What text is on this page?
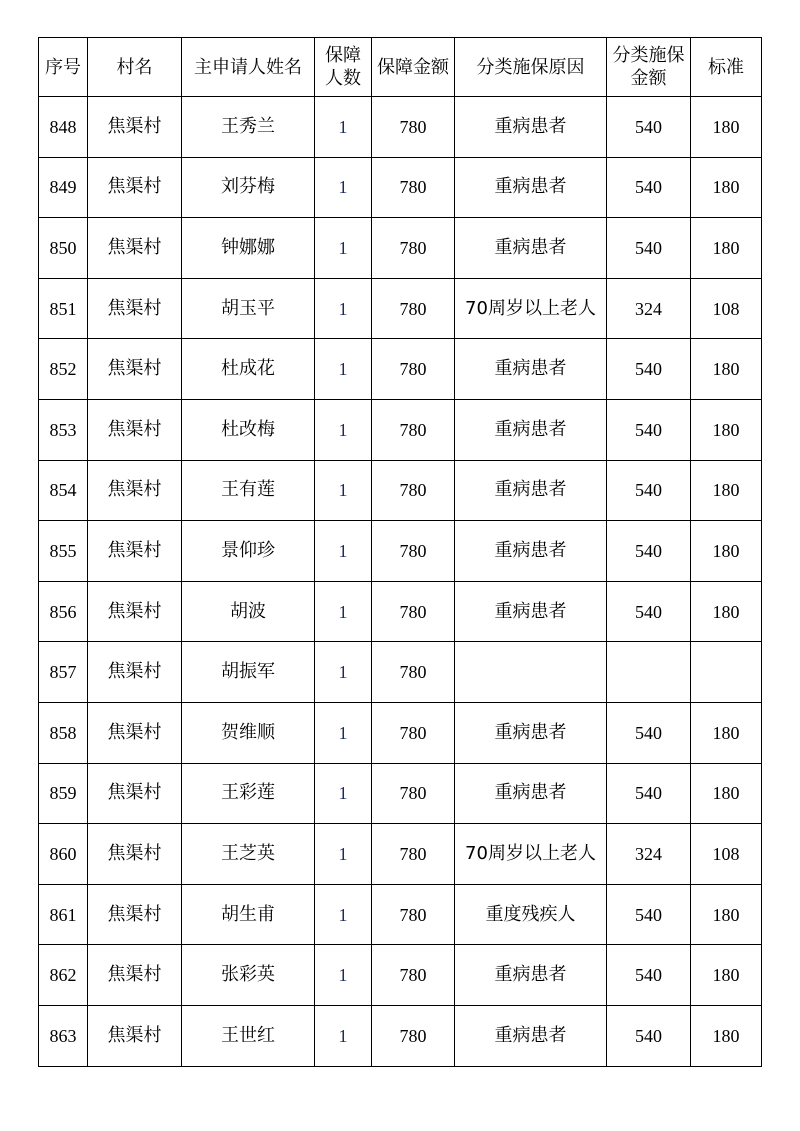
序号	村名	主申请人姓名	保障人数	保障金额	分类施保原因	分类施保金额	标准
848	焦渠村	王秀兰	1	780	重病患者	540	180
849	焦渠村	刘芬梅	1	780	重病患者	540	180
850	焦渠村	钟娜娜	1	780	重病患者	540	180
851	焦渠村	胡玉平	1	780	70周岁以上老人	324	108
852	焦渠村	杜成花	1	780	重病患者	540	180
853	焦渠村	杜改梅	1	780	重病患者	540	180
854	焦渠村	王有莲	1	780	重病患者	540	180
855	焦渠村	景仰珍	1	780	重病患者	540	180
856	焦渠村	胡波	1	780	重病患者	540	180
857	焦渠村	胡振军	1	780			
858	焦渠村	贺维顺	1	780	重病患者	540	180
859	焦渠村	王彩莲	1	780	重病患者	540	180
860	焦渠村	王芝英	1	780	70周岁以上老人	324	108
861	焦渠村	胡生甫	1	780	重度残疾人	540	180
862	焦渠村	张彩英	1	780	重病患者	540	180
863	焦渠村	王世红	1	780	重病患者	540	180
